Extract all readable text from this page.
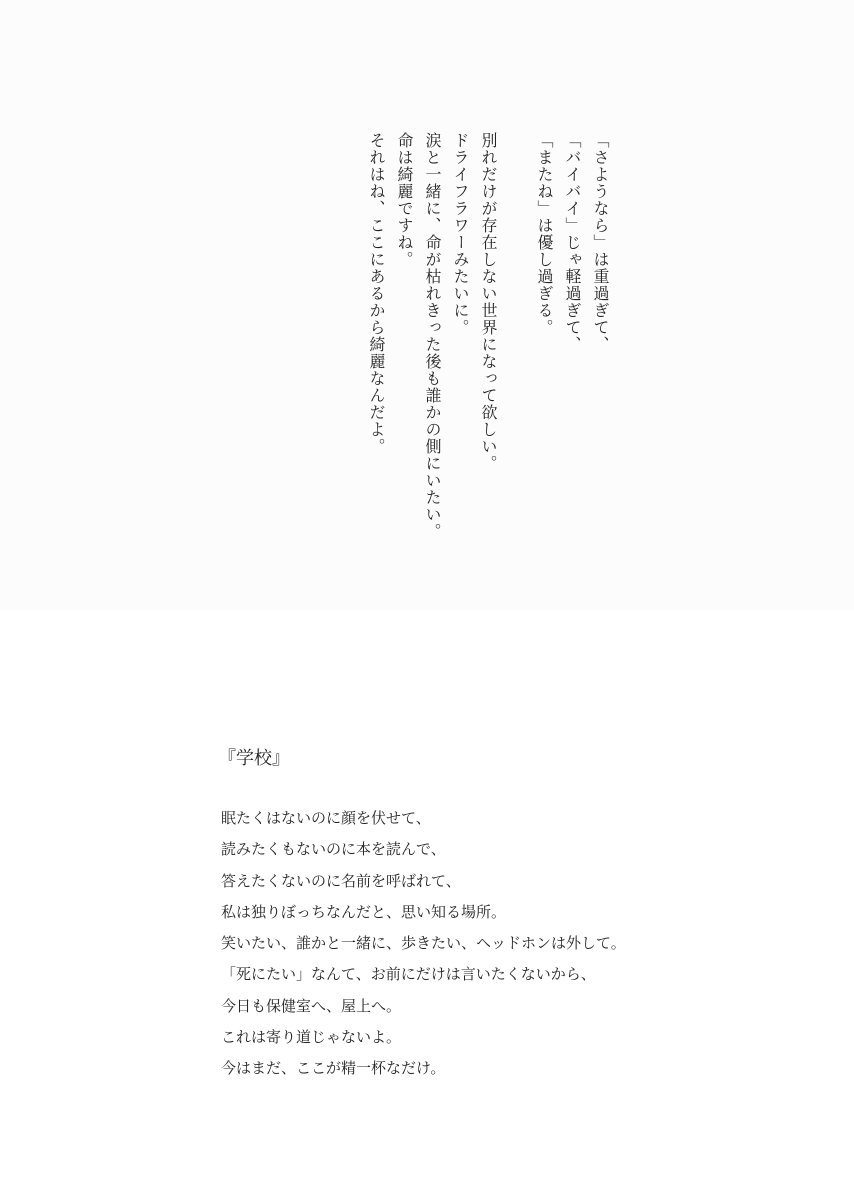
「さようなら」は重過ぎて、
「バイバイ」じゃ軽過ぎて、
「またね」は優し過ぎる。
別れだけが存在しない世界になって欲しい。
ドライフラワーみたいに。
涙と一緒に、命が枯れきった後も誰かの側にいたい。
命は綺麗ですね。
それはね、ここにあるから綺麗なんだよ。
『学校』
眠たくはないのに顔を伏せて、
読みたくもないのに本を読んで、
答えたくないのに名前を呼ばれて、
私は独りぼっちなんだと、思い知る場所。
笑いたい、誰かと一緒に、歩きたい、ヘッドホンは外して。
「死にたい」なんて、お前にだけは言いたくないから、
今日も保健室へ、屋上へ。
これは寄り道じゃないよ。
今はまだ、ここが精一杯なだけ。
